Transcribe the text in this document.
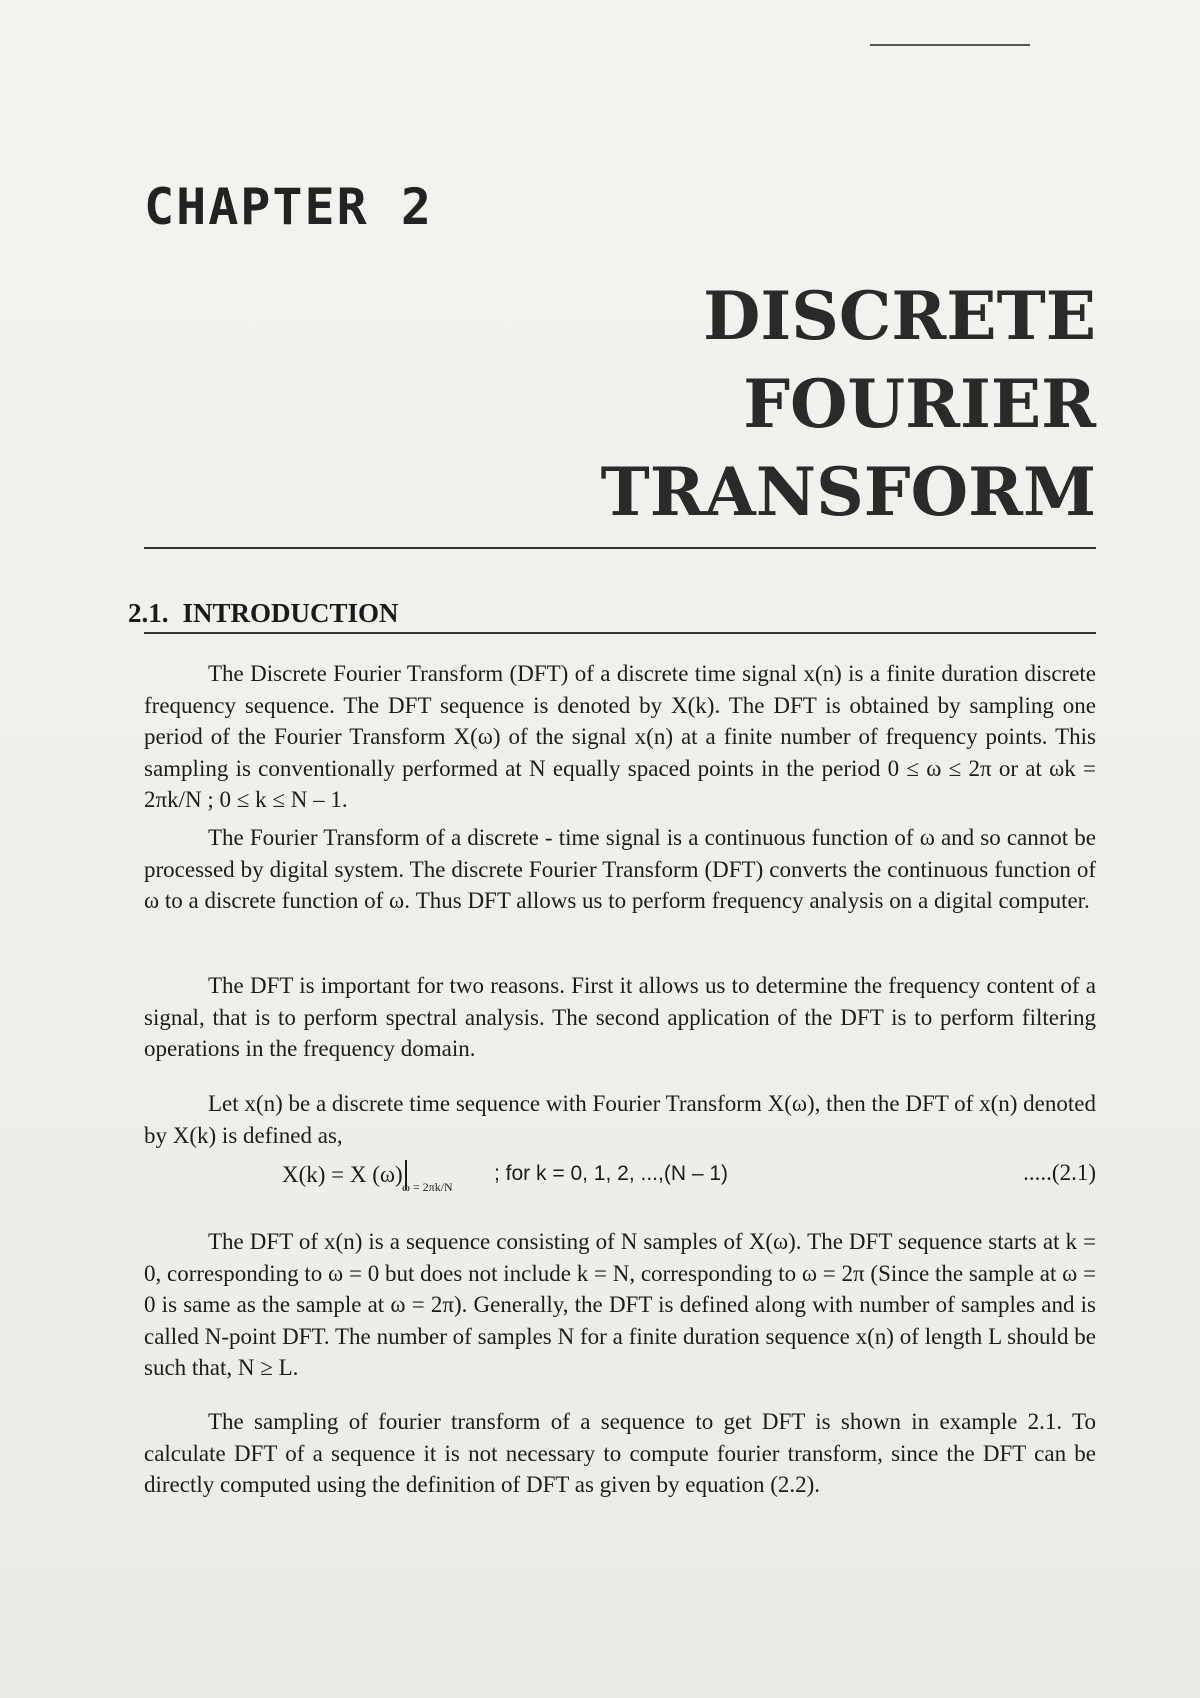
CHAPTER 2
DISCRETE
FOURIER
TRANSFORM
2.1. INTRODUCTION

The Discrete Fourier Transform (DFT) of a discrete time signal x(n) is a finite duration discrete frequency sequence. The DFT sequence is denoted by X(k). The DFT is obtained by sampling one period of the Fourier Transform X(ω) of the signal x(n) at a finite number of frequency points. This sampling is conventionally performed at N equally spaced points in the period 0 ≤ ω ≤ 2π or at ωk = 2πk/N ; 0 ≤ k ≤ N – 1.

The Fourier Transform of a discrete - time signal is a continuous function of ω and so cannot be processed by digital system. The discrete Fourier Transform (DFT) converts the continuous function of ω to a discrete function of ω. Thus DFT allows us to perform frequency analysis on a digital computer.

The DFT is important for two reasons. First it allows us to determine the frequency content of a signal, that is to perform spectral analysis. The second application of the DFT is to perform filtering operations in the frequency domain.

Let x(n) be a discrete time sequence with Fourier Transform X(ω), then the DFT of x(n) denoted by X(k) is defined as,

X(k) = X (ω) ω = 2πk/N
; for k = 0, 1, 2, ...,(N – 1)	.....(2.1)

The DFT of x(n) is a sequence consisting of N samples of X(ω). The DFT sequence starts at k = 0, corresponding to ω = 0 but does not include k = N, corresponding to ω = 2π (Since the sample at ω = 0 is same as the sample at ω = 2π). Generally, the DFT is defined along with number of samples and is called N-point DFT. The number of samples N for a finite duration sequence x(n) of length L should be such that, N ≥ L.

The sampling of fourier transform of a sequence to get DFT is shown in example 2.1. To calculate DFT of a sequence it is not necessary to compute fourier transform, since the DFT can be directly computed using the definition of DFT as given by equation (2.2).
